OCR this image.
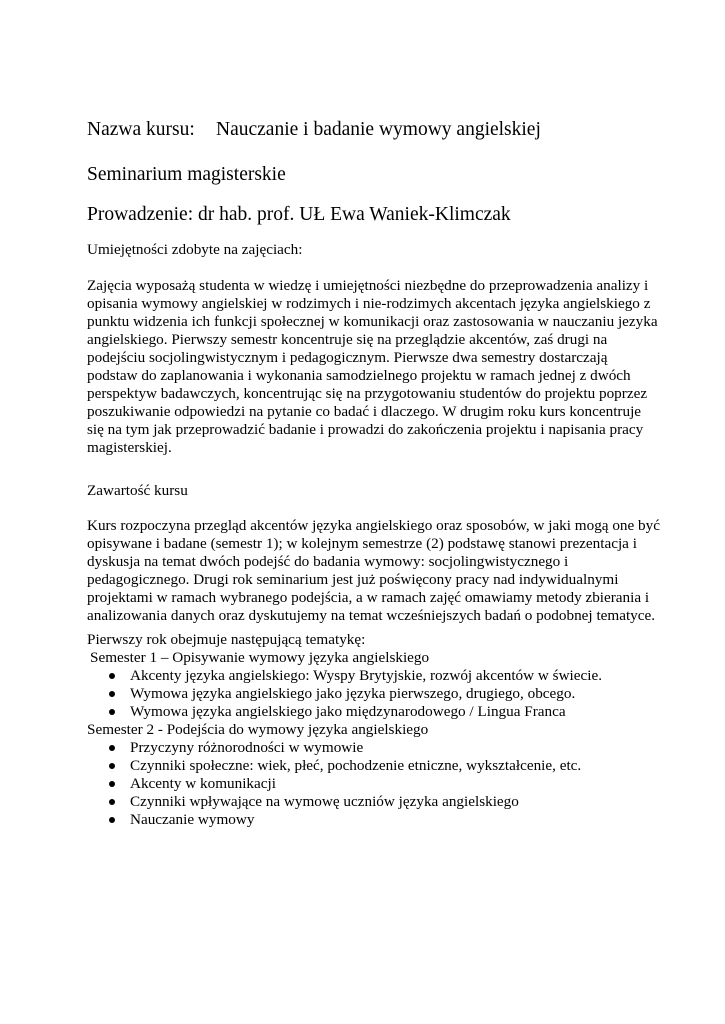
Nazwa kursu: Nauczanie i badanie wymowy angielskiej
Seminarium magisterskie
Prowadzenie: dr hab. prof. UŁ Ewa Waniek-Klimczak
Umiejętności zdobyte na zajęciach:
Zajęcia wyposażą studenta w wiedzę i umiejętności niezbędne do przeprowadzenia analizy i
opisania wymowy angielskiej w rodzimych i nie-rodzimych akcentach języka angielskiego z
punktu widzenia ich funkcji społecznej w komunikacji oraz zastosowania w nauczaniu jezyka
angielskiego. Pierwszy semestr koncentruje się na przeglądzie akcentów, zaś drugi na
podejściu socjolingwistycznym i pedagogicznym. Pierwsze dwa semestry dostarczają
podstaw do zaplanowania i wykonania samodzielnego projektu w ramach jednej z dwóch
perspektyw badawczych, koncentrując się na przygotowaniu studentów do projektu poprzez
poszukiwanie odpowiedzi na pytanie co badać i dlaczego. W drugim roku kurs koncentruje
się na tym jak przeprowadzić badanie i prowadzi do zakończenia projektu i napisania pracy
magisterskiej.
Zawartość kursu
Kurs rozpoczyna przegląd akcentów języka angielskiego oraz sposobów, w jaki mogą one być
opisywane i badane (semestr 1); w kolejnym semestrze (2) podstawę stanowi prezentacja i
dyskusja na temat dwóch podejść do badania wymowy: socjolingwistycznego i
pedagogicznego. Drugi rok seminarium jest już poświęcony pracy nad indywidualnymi
projektami w ramach wybranego podejścia, a w ramach zajęć omawiamy metody zbierania i
analizowania danych oraz dyskutujemy na temat wcześniejszych badań o podobnej tematyce.
Pierwszy rok obejmuje następującą tematykę:
Semester 1 – Opisywanie wymowy języka angielskiego
Akcenty języka angielskiego: Wyspy Brytyjskie, rozwój akcentów w świecie.
Wymowa języka angielskiego jako języka pierwszego, drugiego, obcego.
Wymowa języka angielskiego jako międzynarodowego / Lingua Franca
Semester 2 - Podejścia do wymowy języka angielskiego
Przyczyny różnorodności w wymowie
Czynniki społeczne: wiek, płeć, pochodzenie etniczne, wykształcenie, etc.
Akcenty w komunikacji
Czynniki wpływające na wymowę uczniów języka angielskiego
Nauczanie wymowy
